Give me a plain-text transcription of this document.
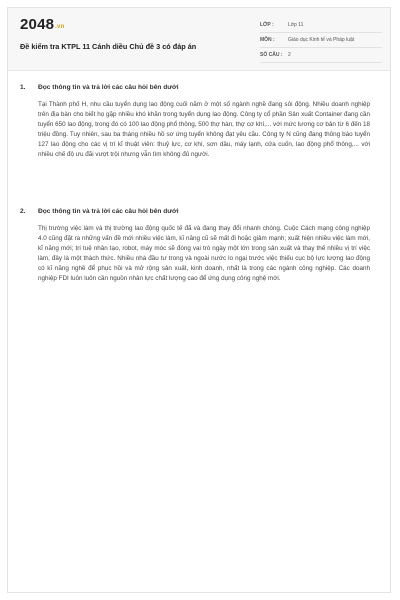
2048.vn
Đề kiểm tra KTPL 11 Cánh diều Chủ đề 3 có đáp án
LỚP :	Lớp 11
MÔN :	Giáo dục Kinh tế và Pháp luật
SỐ CÂU :	2
1.	Đọc thông tin và trả lời các câu hỏi bên dưới
Tại Thành phố H, nhu cầu tuyển dụng lao động cuối năm ở một số ngành nghề đang sôi động. Nhiều doanh nghiệp trên địa bàn cho biết họ gặp nhiều khó khăn trong tuyển dụng lao động. Công ty cổ phần Sản xuất Container đang cần tuyển 650 lao động, trong đó có 100 lao động phổ thông, 500 thợ hàn, thợ cơ khí,... với mức lương cơ bản từ 6 đến 18 triệu đồng. Tuy nhiên, sau ba tháng nhiều hồ sơ ứng tuyển không đạt yêu cầu. Công ty N cũng đang thông báo tuyển 127 lao động cho các vị trí kĩ thuật viên: thuỷ lực, cơ khí, sơn dầu, máy lạnh, cửa cuốn, lao động phổ thông,... với nhiều chế độ ưu đãi vượt trội nhưng vẫn tìm không đủ người.
2.	Đọc thông tin và trả lời các câu hỏi bên dưới
Thị trường việc làm và thị trường lao động quốc tế đã và đang thay đổi nhanh chóng. Cuộc Cách mạng công nghiệp 4.0 cũng đặt ra những vấn đề mới nhiều việc làm, kĩ năng cũ sẽ mất đi hoặc giảm mạnh; xuất hiện nhiều việc làm mới, kĩ năng mới; trí tuệ nhân tạo, robot, máy móc sẽ đóng vai trò ngày một lớn trong sản xuất và thay thế nhiều vị trí việc làm, đây là một thách thức. Nhiều nhà đầu tư trong và ngoài nước lo ngại trước việc thiếu cục bộ lực lượng lao động có kĩ năng nghề để phục hồi và mở rộng sản xuất, kinh doanh, nhất là trong các ngành công nghiệp. Các doanh nghiệp FDI luôn luôn cần nguồn nhân lực chất lượng cao để ứng dụng công nghệ mới.
